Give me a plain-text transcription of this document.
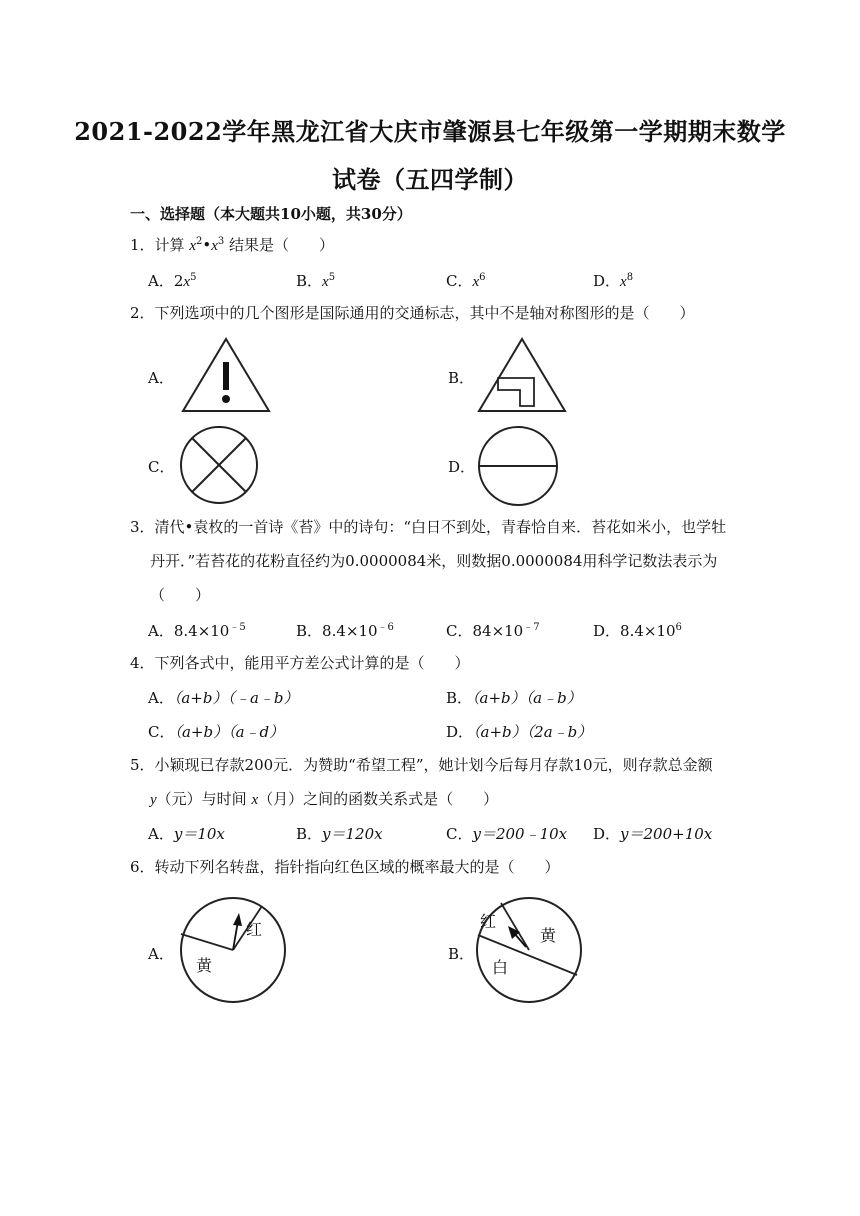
2021-2022学年黑龙江省大庆市肇源县七年级第一学期期末数学
试卷（五四学制）
一、选择题（本大题共10小题，共30分）
1．计算 $x^2•x^3$ 结果是（　　）
A．$2x^5$	B．$x^5$	C．$x^6$	D．$x^8$
2．下列选项中的几个图形是国际通用的交通标志，其中不是轴对称图形的是（　　）
A．	B．
C．	D．
3．清代•袁枚的一首诗《苔》中的诗句：“白日不到处，青春恰自来．苔花如米小，也学牡
丹开．”若苔花的花粉直径约为0.0000084米，则数据0.0000084用科学记数法表示为
（　　）
A．$8.4\times 10^{﹣5}$	B．$8.4\times 10^{﹣6}$	C．$84\times 10^{﹣7}$	D．$8.4\times 10^6$
4．下列各式中，能用平方差公式计算的是（　　）
A．（a+b）（﹣a﹣b）	B．（a+b）（a﹣b）
C．（a+b）（a﹣d）	D．（a+b）（2a﹣b）
5．小颖现已存款200元．为赞助“希望工程”，她计划今后每月存款10元，则存款总金额
y（元）与时间 x（月）之间的函数关系式是（　　）
A．y＝10x	B．y＝120x	C．y＝200﹣10x D．y＝200+10x
6．转动下列名转盘，指针指向红色区域的概率最大的是（　　）
A．
红
黄
B．
红
黄
白
